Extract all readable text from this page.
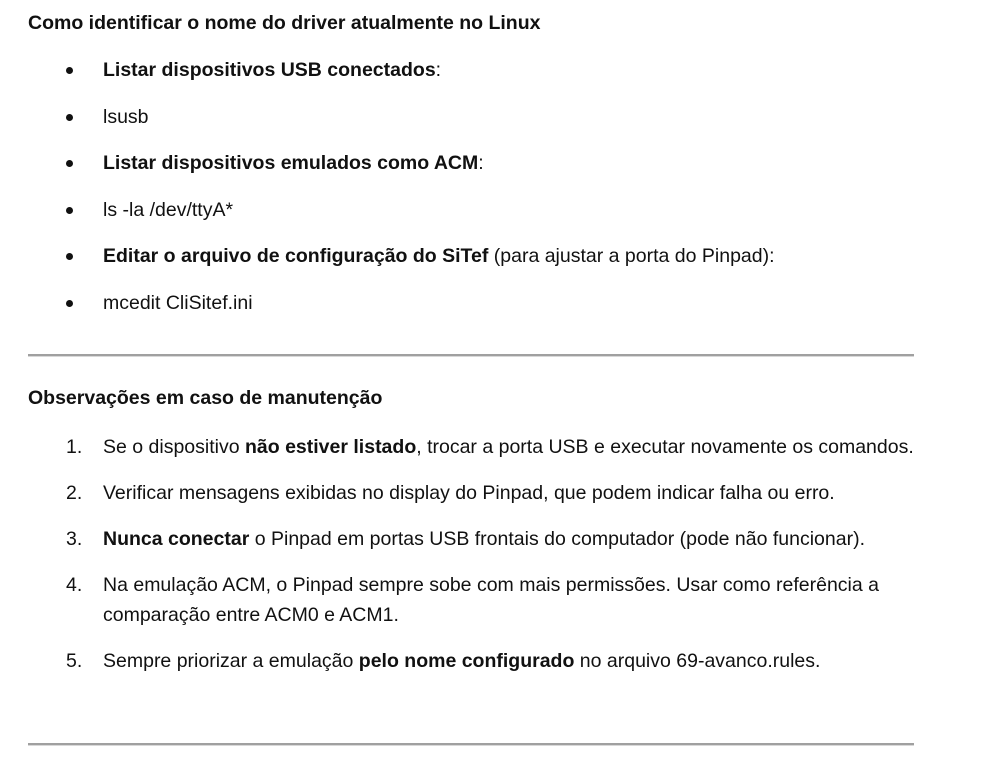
Como identificar o nome do driver atualmente no Linux
Listar dispositivos USB conectados:
lsusb
Listar dispositivos emulados como ACM:
ls -la /dev/ttyA*
Editar o arquivo de configuração do SiTef (para ajustar a porta do Pinpad):
mcedit CliSitef.ini
Observações em caso de manutenção
1. Se o dispositivo não estiver listado, trocar a porta USB e executar novamente os comandos.
2. Verificar mensagens exibidas no display do Pinpad, que podem indicar falha ou erro.
3. Nunca conectar o Pinpad em portas USB frontais do computador (pode não funcionar).
4. Na emulação ACM, o Pinpad sempre sobe com mais permissões. Usar como referência a comparação entre ACM0 e ACM1.
5. Sempre priorizar a emulação pelo nome configurado no arquivo 69-avanco.rules.
